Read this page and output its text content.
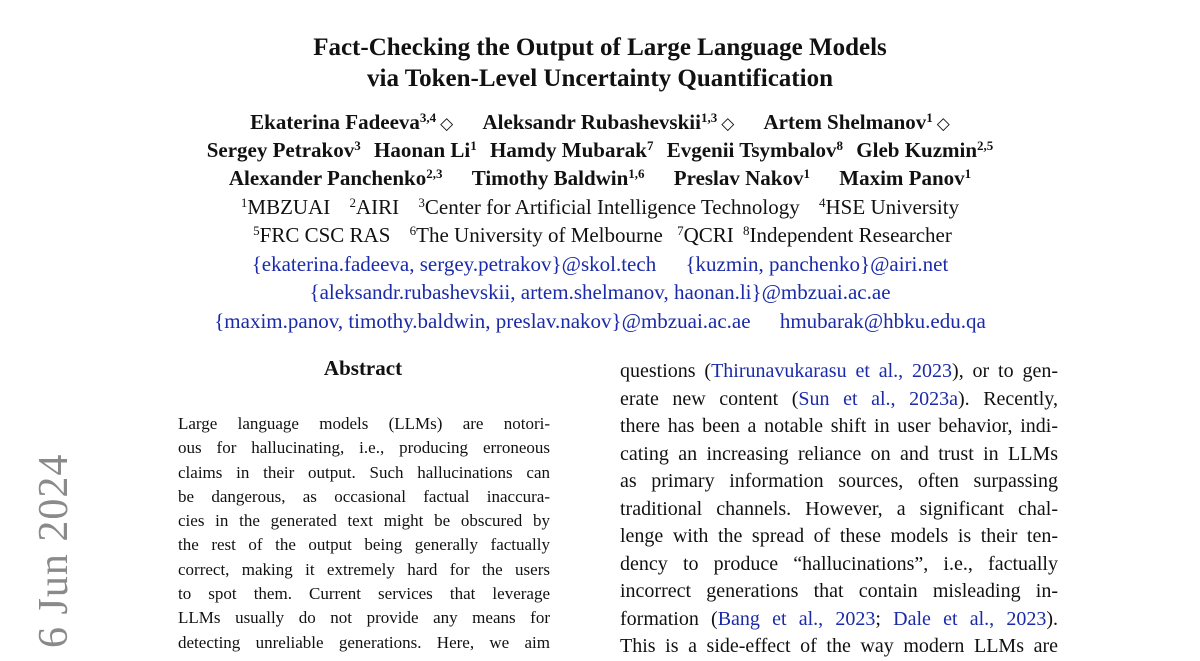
Fact-Checking the Output of Large Language Models
via Token-Level Uncertainty Quantification
Ekaterina Fadeeva$^{3,4}$ ◇ Aleksandr Rubashevskii$^{1,3}$ ◇ Artem Shelmanov$^1$ ◇
Sergey Petrakov$^3$ Haonan Li$^1$ Hamdy Mubarak$^7$ Evgenii Tsymbalov$^8$ Gleb Kuzmin$^{2,5}$
Alexander Panchenko$^{2,3}$ Timothy Baldwin$^{1,6}$ Preslav Nakov$^1$ Maxim Panov$^1$
$^1$MBZUAI $^2$AIRI $^3$Center for Artificial Intelligence Technology $^4$HSE University
$^5$FRC CSC RAS $^6$The University of Melbourne $^7$QCRI $^8$Independent Researcher
{ekaterina.fadeeva, sergey.petrakov}@skol.tech {kuzmin, panchenko}@airi.net
{aleksandr.rubashevskii, artem.shelmanov, haonan.li}@mbzuai.ac.ae
{maxim.panov, timothy.baldwin, preslav.nakov}@mbzuai.ac.ae hmubarak@hbku.edu.qa
Abstract
Large language models (LLMs) are notori-
ous for hallucinating, i.e., producing erroneous
claims in their output. Such hallucinations can
be dangerous, as occasional factual inaccura-
cies in the generated text might be obscured by
the rest of the output being generally factually
correct, making it extremely hard for the users
to spot them. Current services that leverage
LLMs usually do not provide any means for
detecting unreliable generations. Here, we aim
questions (Thirunavukarasu et al., 2023), or to gen-
erate new content (Sun et al., 2023a). Recently,
there has been a notable shift in user behavior, indi-
cating an increasing reliance on and trust in LLMs
as primary information sources, often surpassing
traditional channels. However, a significant chal-
lenge with the spread of these models is their ten-
dency to produce “hallucinations”, i.e., factually
incorrect generations that contain misleading in-
formation (Bang et al., 2023; Dale et al., 2023).
This is a side-effect of the way modern LLMs are
6 Jun 2024
